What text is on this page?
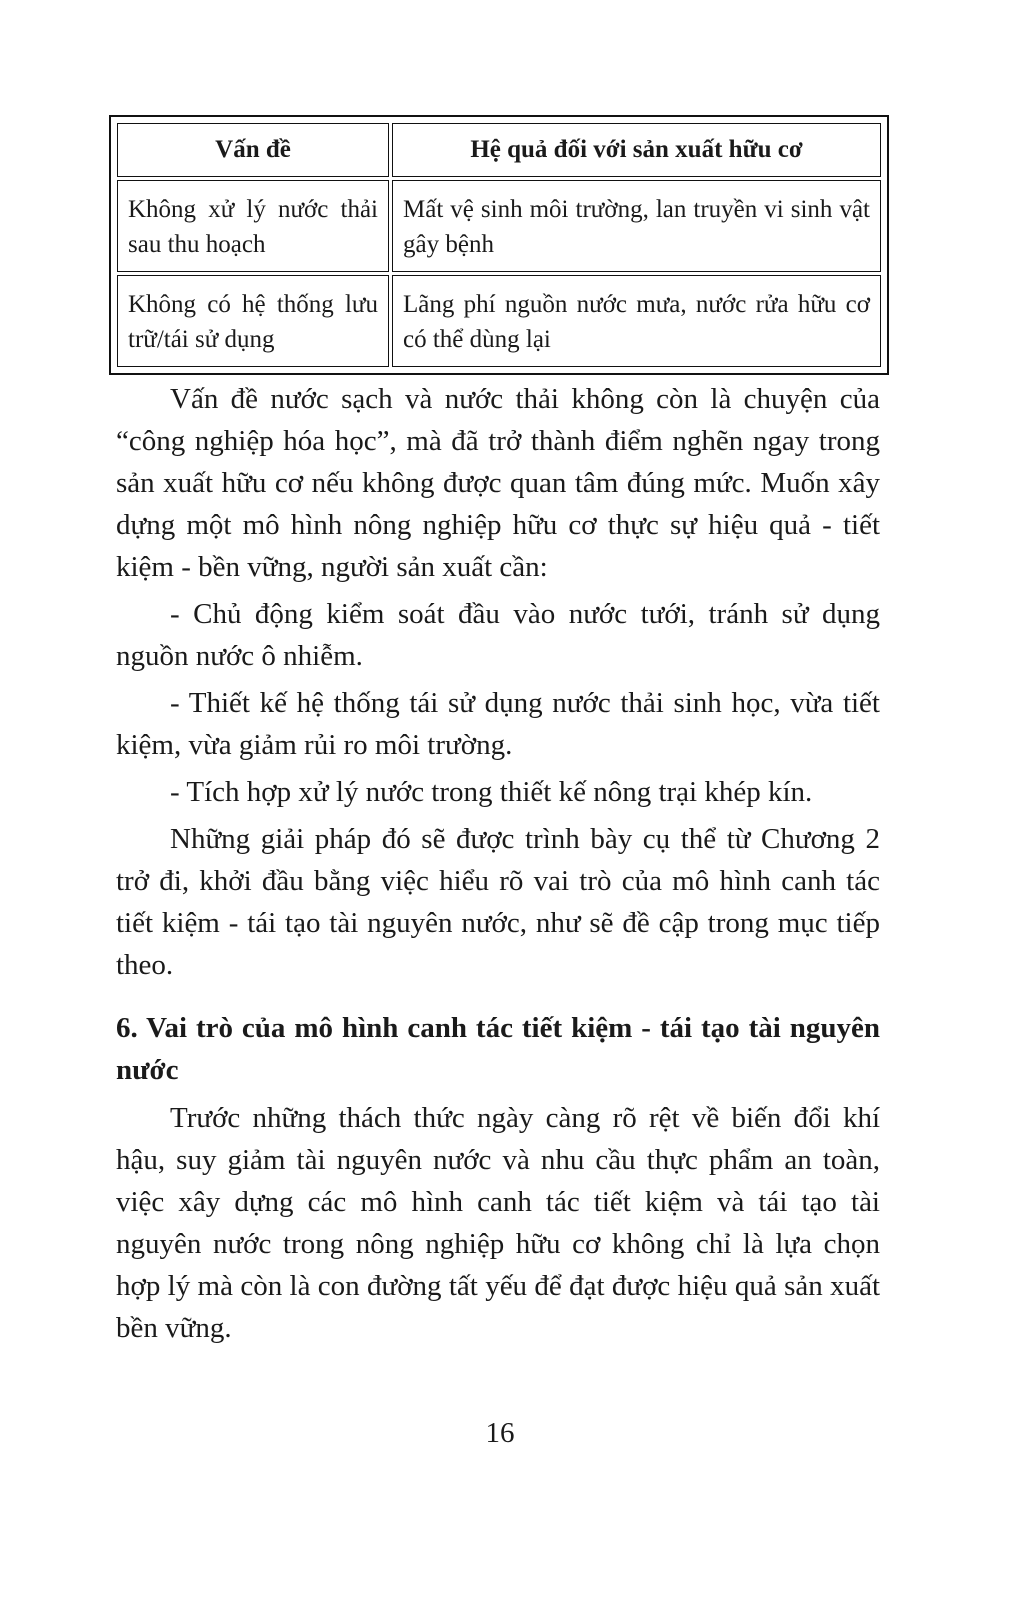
Vấn đề	Hệ quả đối với sản xuất hữu cơ
Không xử lý nước thải sau thu hoạch	Mất vệ sinh môi trường, lan truyền vi sinh vật gây bệnh
Không có hệ thống lưu trữ/tái sử dụng	Lãng phí nguồn nước mưa, nước rửa hữu cơ có thể dùng lại

Vấn đề nước sạch và nước thải không còn là chuyện của “công nghiệp hóa học”, mà đã trở thành điểm nghẽn ngay trong sản xuất hữu cơ nếu không được quan tâm đúng mức. Muốn xây dựng một mô hình nông nghiệp hữu cơ thực sự hiệu quả - tiết kiệm - bền vững, người sản xuất cần:

- Chủ động kiểm soát đầu vào nước tưới, tránh sử dụng nguồn nước ô nhiễm.

- Thiết kế hệ thống tái sử dụng nước thải sinh học, vừa tiết kiệm, vừa giảm rủi ro môi trường.

- Tích hợp xử lý nước trong thiết kế nông trại khép kín.

Những giải pháp đó sẽ được trình bày cụ thể từ Chương 2 trở đi, khởi đầu bằng việc hiểu rõ vai trò của mô hình canh tác tiết kiệm - tái tạo tài nguyên nước, như sẽ đề cập trong mục tiếp theo.

6. Vai trò của mô hình canh tác tiết kiệm - tái tạo tài nguyên nước

Trước những thách thức ngày càng rõ rệt về biến đổi khí hậu, suy giảm tài nguyên nước và nhu cầu thực phẩm an toàn, việc xây dựng các mô hình canh tác tiết kiệm và tái tạo tài nguyên nước trong nông nghiệp hữu cơ không chỉ là lựa chọn hợp lý mà còn là con đường tất yếu để đạt được hiệu quả sản xuất bền vững.

16
